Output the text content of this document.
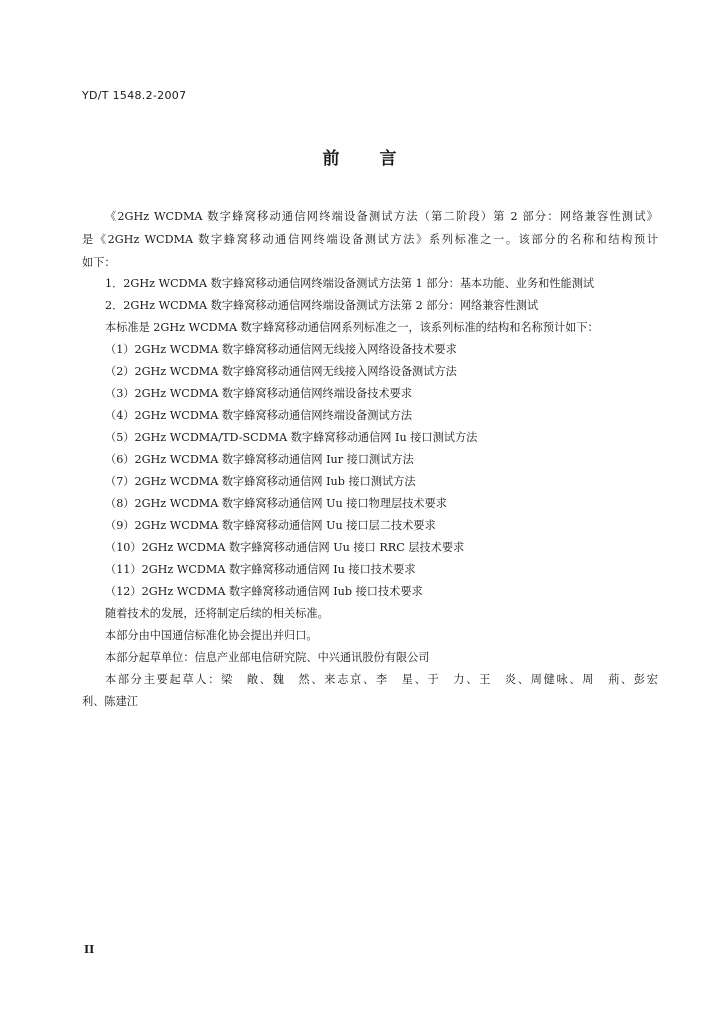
YD/T 1548.2-2007
前 言
《2GHz WCDMA 数字蜂窝移动通信网终端设备测试方法（第二阶段）第 2 部分：网络兼容性测试》
是《2GHz WCDMA 数字蜂窝移动通信网终端设备测试方法》系列标准之一。该部分的名称和结构预计
如下：
1．2GHz WCDMA 数字蜂窝移动通信网终端设备测试方法第 1 部分：基本功能、业务和性能测试
2．2GHz WCDMA 数字蜂窝移动通信网终端设备测试方法第 2 部分：网络兼容性测试
本标准是 2GHz WCDMA 数字蜂窝移动通信网系列标准之一，该系列标准的结构和名称预计如下：
（1）2GHz WCDMA 数字蜂窝移动通信网无线接入网络设备技术要求
（2）2GHz WCDMA 数字蜂窝移动通信网无线接入网络设备测试方法
（3）2GHz WCDMA 数字蜂窝移动通信网终端设备技术要求
（4）2GHz WCDMA 数字蜂窝移动通信网终端设备测试方法
（5）2GHz WCDMA/TD-SCDMA 数字蜂窝移动通信网 Iu 接口测试方法
（6）2GHz WCDMA 数字蜂窝移动通信网 Iur 接口测试方法
（7）2GHz WCDMA 数字蜂窝移动通信网 Iub 接口测试方法
（8）2GHz WCDMA 数字蜂窝移动通信网 Uu 接口物理层技术要求
（9）2GHz WCDMA 数字蜂窝移动通信网 Uu 接口层二技术要求
（10）2GHz WCDMA 数字蜂窝移动通信网 Uu 接口 RRC 层技术要求
（11）2GHz WCDMA 数字蜂窝移动通信网 Iu 接口技术要求
（12）2GHz WCDMA 数字蜂窝移动通信网 Iub 接口技术要求
随着技术的发展，还将制定后续的相关标准。
本部分由中国通信标准化协会提出并归口。
本部分起草单位：信息产业部电信研究院、中兴通讯股份有限公司
本部分主要起草人：梁　敞、魏　然、来志京、李　星、于　力、王　炎、周健咏、周　荊、彭宏
利、陈建江
II
